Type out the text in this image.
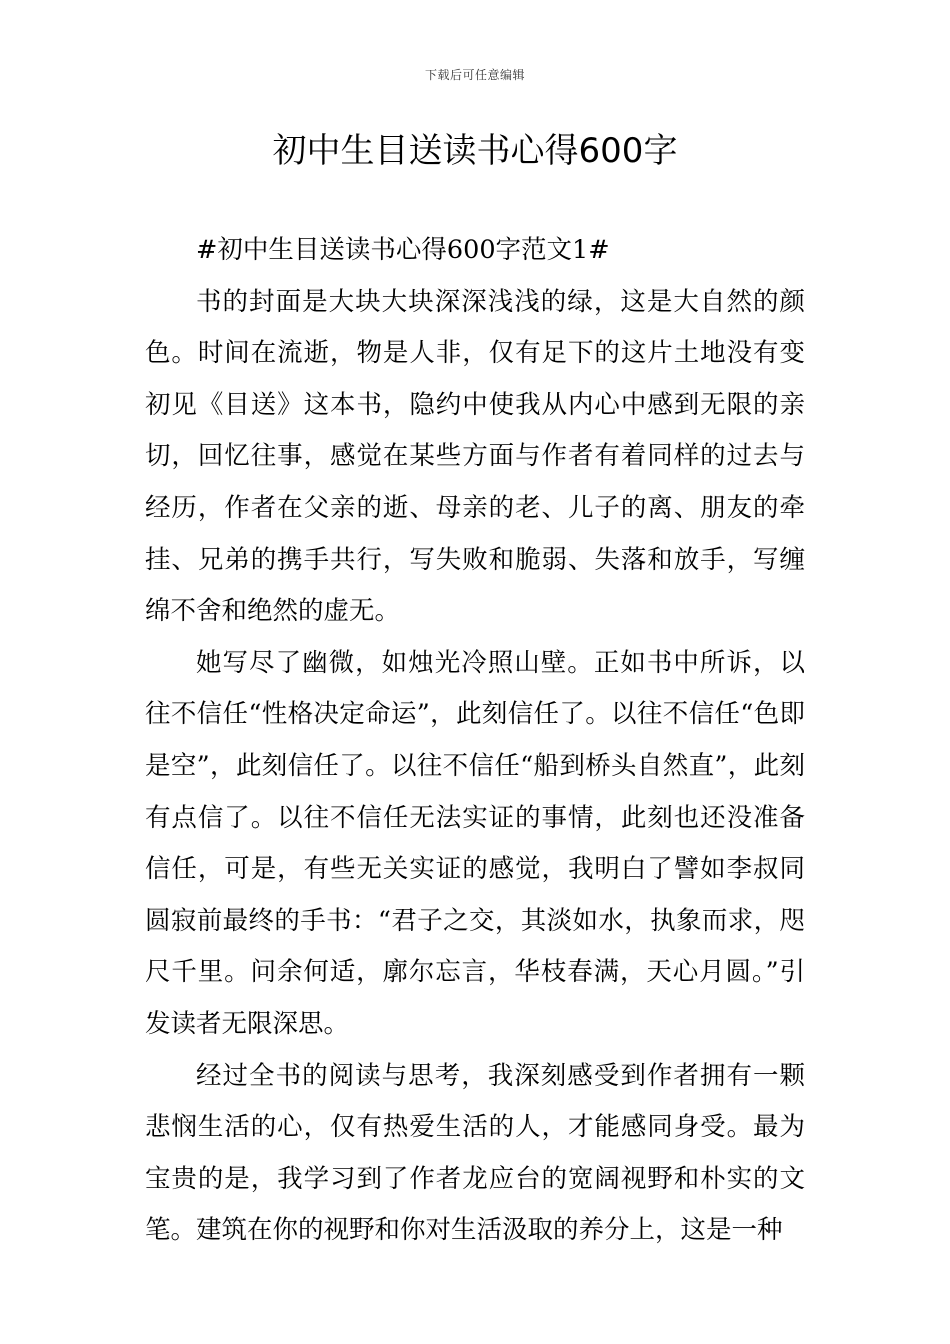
下载后可任意编辑
初中生目送读书心得600字

#初中生目送读书心得600字范文1#

书的封面是大块大块深深浅浅的绿，这是大自然的颜色。时间在流逝，物是人非，仅有足下的这片土地没有变初见《目送》这本书，隐约中使我从内心中感到无限的亲切，回忆往事，感觉在某些方面与作者有着同样的过去与经历，作者在父亲的逝、母亲的老、儿子的离、朋友的牵挂、兄弟的携手共行，写失败和脆弱、失落和放手，写缠绵不舍和绝然的虚无。

她写尽了幽微，如烛光冷照山壁。正如书中所诉，以往不信任“性格决定命运”，此刻信任了。以往不信任“色即是空”，此刻信任了。以往不信任“船到桥头自然直”，此刻有点信了。以往不信任无法实证的事情，此刻也还没准备信任，可是，有些无关实证的感觉，我明白了譬如李叔同圆寂前最终的手书：“君子之交，其淡如水，执象而求，咫尺千里。问余何适，廓尔忘言，华枝春满，天心月圆。”引发读者无限深思。

经过全书的阅读与思考，我深刻感受到作者拥有一颗悲悯生活的心，仅有热爱生活的人，才能感同身受。最为宝贵的是，我学习到了作者龙应台的宽阔视野和朴实的文笔。建筑在你的视野和你对生活汲取的养分上，这是一种
